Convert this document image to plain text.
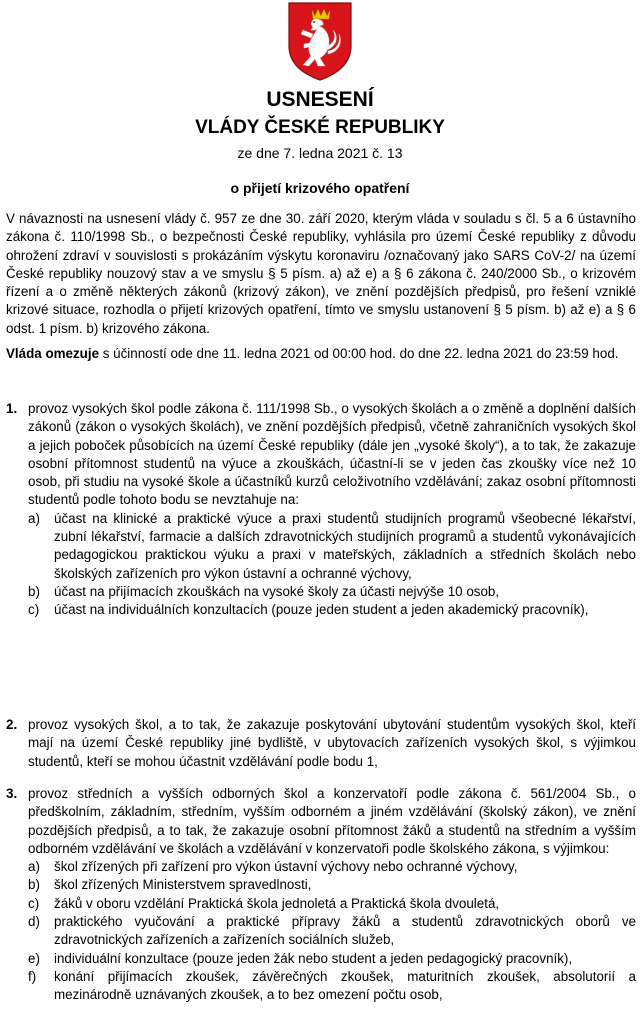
USNESENÍ
VLÁDY ČESKÉ REPUBLIKY
ze dne 7. ledna 2021 č. 13
o přijetí krizového opatření
V návaznosti na usnesení vlády č. 957 ze dne 30. září 2020, kterým vláda v souladu s čl. 5 a 6 ústavního zákona č. 110/1998 Sb., o bezpečnosti České republiky, vyhlásila pro území České republiky z důvodu ohrožení zdraví v souvislosti s prokázáním výskytu koronaviru /označovaný jako SARS CoV-2/ na území České republiky nouzový stav a ve smyslu § 5 písm. a) až e) a § 6 zákona č. 240/2000 Sb., o krizovém řízení a o změně některých zákonů (krizový zákon), ve znění pozdějších předpisů, pro řešení vzniklé krizové situace, rozhodla o přijetí krizových opatření, tímto ve smyslu ustanovení § 5 písm. b) až e) a § 6 odst. 1 písm. b) krizového zákona.
Vláda omezuje s účinností ode dne 11. ledna 2021 od 00:00 hod. do dne 22. ledna 2021 do 23:59 hod.
1. provoz vysokých škol podle zákona č. 111/1998 Sb., o vysokých školách a o změně a doplnění dalších zákonů (zákon o vysokých školách), ve znění pozdějších předpisů, včetně zahraničních vysokých škol a jejich poboček působících na území České republiky (dále jen „vysoké školy“), a to tak, že zakazuje osobní přítomnost studentů na výuce a zkouškách, účastní-li se v jeden čas zkoušky více než 10 osob, při studiu na vysoké škole a účastníků kurzů celoživotního vzdělávání; zakaz osobní přítomnosti studentů podle tohoto bodu se nevztahuje na:
a)	účast na klinické a praktické výuce a praxi studentů studijních programů všeobecné lékařství, zubní lékařství, farmacie a dalších zdravotnických studijních programů a studentů vykonávajících pedagogickou praktickou výuku a praxi v mateřských, základních a středních školách nebo školských zařízeních pro výkon ústavní a ochranné výchovy,
b)	účast na přijímacích zkouškách na vysoké školy za účasti nejvýše 10 osob,
c)	účast na individuálních konzultacích (pouze jeden student a jeden akademický pracovník),
2. provoz vysokých škol, a to tak, že zakazuje poskytování ubytování studentům vysokých škol, kteří mají na území České republiky jiné bydliště, v ubytovacích zařízeních vysokých škol, s výjimkou studentů, kteří se mohou účastnit vzdělávání podle bodu 1,
3. provoz středních a vyšších odborných škol a konzervatoří podle zákona č. 561/2004 Sb., o předškolním, základním, středním, vyšším odborném a jiném vzdělávání (školský zákon), ve znění pozdějších předpisů, a to tak, že zakazuje osobní přítomnost žáků a studentů na středním a vyšším odborném vzdělávání ve školách a vzdělávání v konzervatoři podle školského zákona, s výjimkou:
a)	škol zřízených při zařízení pro výkon ústavní výchovy nebo ochranné výchovy,
b)	škol zřízených Ministerstvem spravedlnosti,
c)	žáků v oboru vzdělání Praktická škola jednoletá a Praktická škola dvouletá,
d)	praktického vyučování a praktické přípravy žáků a studentů zdravotnických oborů ve zdravotnických zařízeních a zařízeních sociálních služeb,
e)	individuální konzultace (pouze jeden žák nebo student a jeden pedagogický pracovník),
f)	konání přijímacích zkoušek, závěrečných zkoušek, maturitních zkoušek, absolutorií a mezinárodně uznávaných zkoušek, a to bez omezení počtu osob,
